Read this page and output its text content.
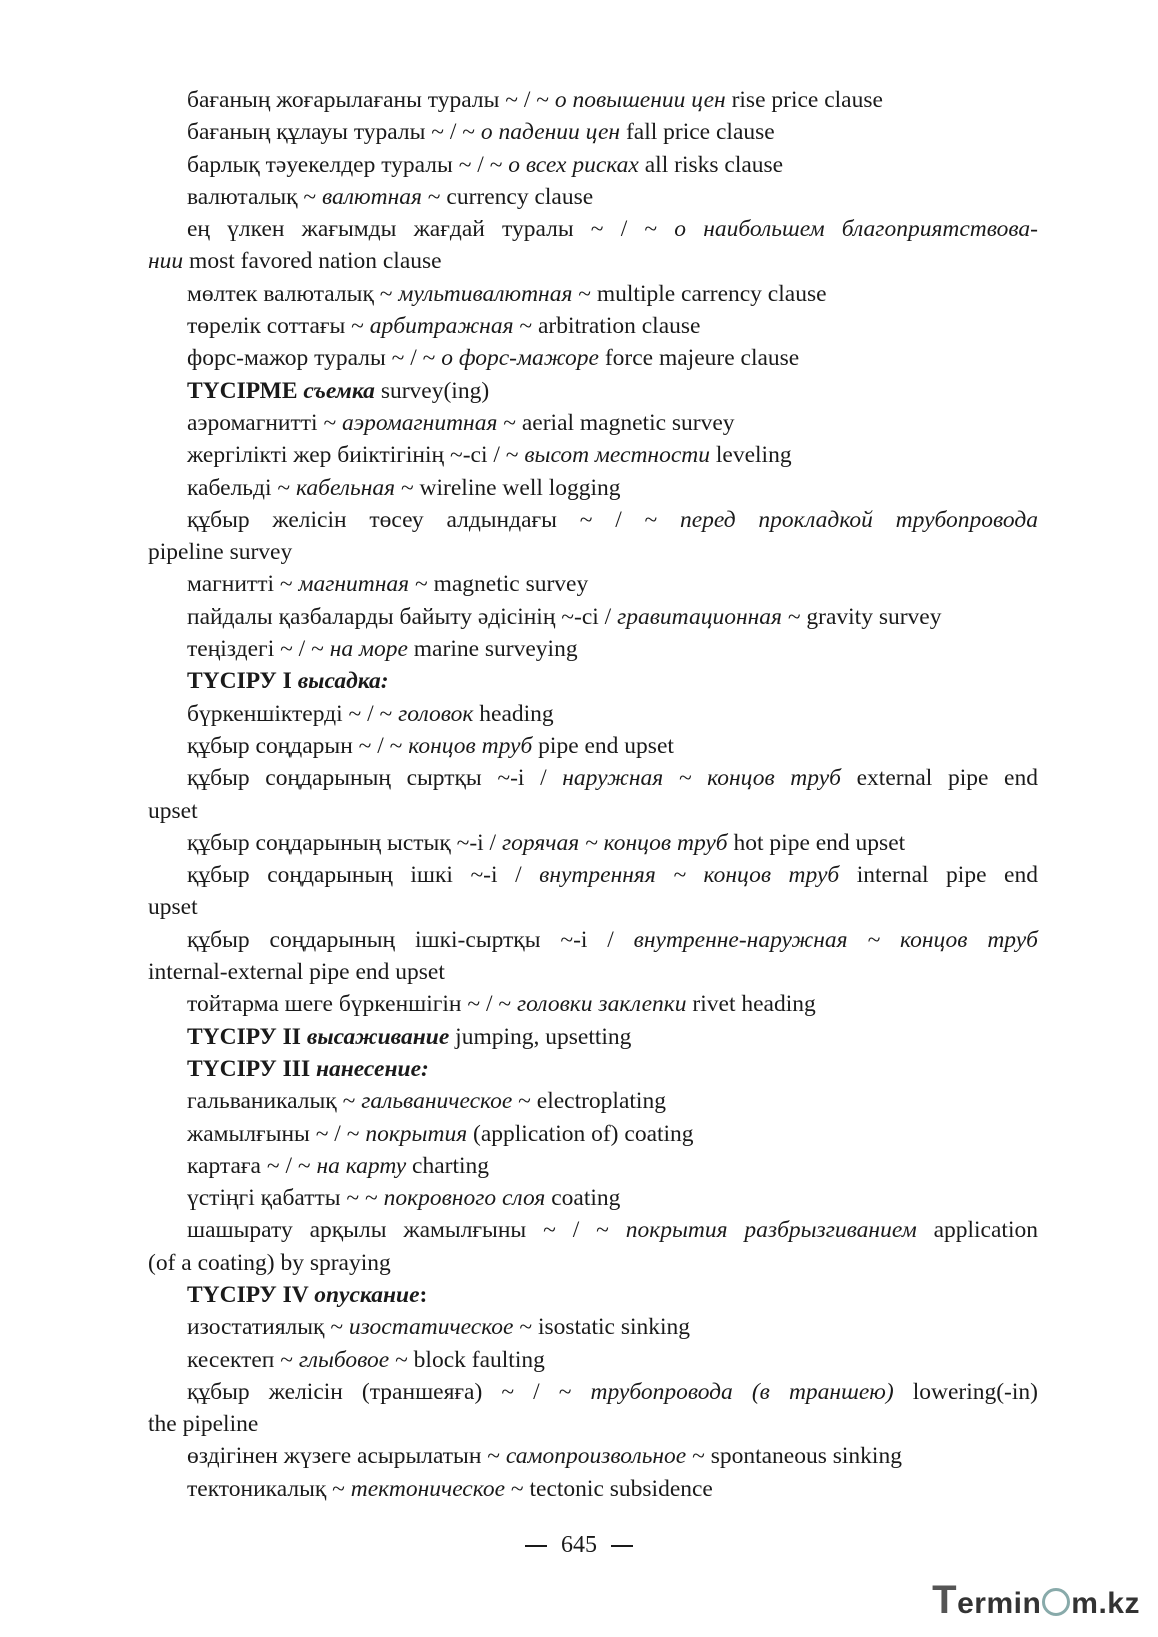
бағаның жоғарылағаны туралы ~ / ~ о повышении цен rise price clause
бағаның құлауы туралы ~ / ~ о падении цен fall price clause
барлық тәуекелдер туралы ~ / ~ о всех рисках all risks clause
валюталық ~ валютная ~ currency clause
ең үлкен жағымды жағдай туралы ~ / ~ о наибольшем благоприятствова-
нии most favored nation clause
мөлтек валюталық ~ мультивалютная ~ multiple carrency clause
төрелік соттағы ~ арбитражная ~ arbitration clause
форс-мажор туралы ~ / ~ о форс-мажоре force majeure clause
ТҮСІРМЕ съемка survey(ing)
аэромагнитті ~ аэромагнитная ~ aerial magnetic survey
жергілікті жер биіктігінің ~-сі / ~ высот местности leveling
кабельді ~ кабельная ~ wireline well logging
құбыр желісін төсеу алдындағы ~ / ~ перед прокладкой трубопровода
pipeline survey
магнитті ~ магнитная ~ magnetic survey
пайдалы қазбаларды байыту әдісінің ~-сі / гравитационная ~ gravity survey
теңіздегі ~ / ~ на море marine surveying
ТҮСІРУ I высадка:
бүркеншіктерді ~ / ~ головок heading
құбыр соңдарын ~ / ~ концов труб pipe end upset
құбыр соңдарының сыртқы ~-і / наружная ~ концов труб external pipe end
upset
құбыр соңдарының ыстық ~-і / горячая ~ концов труб hot pipe end upset
құбыр соңдарының ішкі ~-і / внутренняя ~ концов труб internal pipe end
upset
құбыр соңдарының ішкі-сыртқы ~-і / внутренне-наружная ~ концов труб
internal-external pipe end upset
тойтарма шеге бүркеншігін ~ / ~ головки заклепки rivet heading
ТҮСІРУ II высаживание jumping, upsetting
ТҮСІРУ III нанесение:
гальваникалық ~ гальваническое ~ electroplating
жамылғыны ~ / ~ покрытия (application of) coating
картаға ~ / ~ на карту charting
үстіңгі қабатты ~ ~ покровного слоя coating
шашырату арқылы жамылғыны ~ / ~ покрытия разбрызгиванием application
(of a coating) by spraying
ТҮСІРУ IV опускание:
изостатиялық ~ изостатическое ~ isostatic sinking
кесектеп ~ глыбовое ~ block faulting
құбыр желісін (траншеяға) ~ / ~ трубопровода (в траншею) lowering(-in)
the pipeline
өздігінен жүзеге асырылатын ~ самопроизвольное ~ spontaneous sinking
тектоникалық ~ тектоническое ~ tectonic subsidence
645
Termin m.kz
